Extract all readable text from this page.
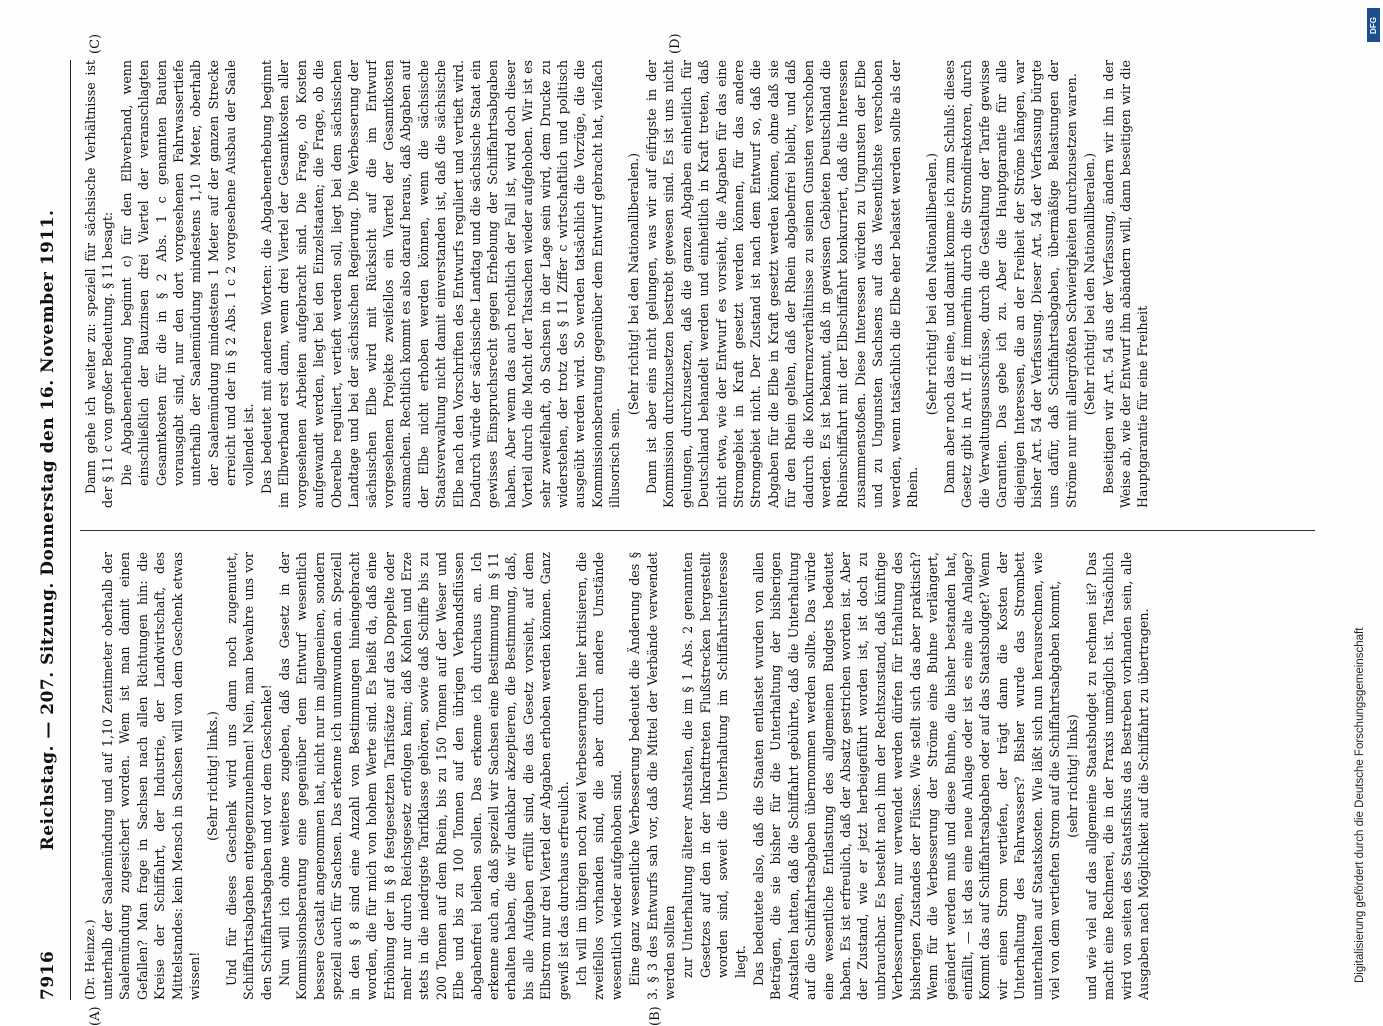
7916
Reichstag. — 207. Sitzung. Donnerstag den 16. November 1911.
(A)	(B)
(C)	(D)
(Dr. Heinze.) unterhalb der Saalemündung und auf 1,10 Zentimeter oberhalb der Saalemündung zugesichert worden. Wem ist man damit einen Gefallen? Man frage in Sachsen nach allen Richtungen hin: die Kreise der Schiffahrt, der Industrie, der Landwirtschaft, des Mittelstandes: kein Mensch in Sachsen will von dem Geschenk etwas wissen!

(Sehr richtig! links.) Und für dieses Geschenk wird uns dann noch zugemutet, Schiffahrtsabgaben entgegenzunehmen! Nein, man bewahre uns vor den Schiffahrtsabgaben und vor dem Geschenke! Nun will ich ohne weiteres zugeben, daß das Gesetz in der Kommissionsberatung eine gegenüber dem Entwurf wesentlich bessere Gestalt angenommen hat, nicht nur im allgemeinen, sondern speziell auch für Sachsen. Das erkenne ich unumwunden an. Speziell in den § 8 sind eine Anzahl von Bestimmungen hineingebracht worden, die für mich von hohem Werte sind. Es heißt da, daß eine Erhöhung der in § 8 festgesetzten Tarifsätze auf das Doppelte oder mehr nur durch Reichsgesetz erfolgen kann; daß Kohlen und Erze stets in die niedrigste Tarifklasse gehören, sowie daß Schiffe bis zu 200 Tonnen auf dem Rhein, bis zu 150 Tonnen auf der Weser und Elbe und bis zu 100 Tonnen auf den übrigen Verbandsflüssen abgabenfrei bleiben sollen. Das erkenne ich durchaus an. Ich erkenne auch an, daß speziell wir Sachsen eine Bestimmung im § 11 erhalten haben, die wir dankbar akzeptieren, die Bestimmung, daß, bis alle Aufgaben erfüllt sind, die das Gesetz vorsieht, auf dem Elbstrom nur drei Viertel der Abgaben erhoben werden können. Ganz gewiß ist das durchaus erfreulich. Ich will im übrigen noch zwei Verbesserungen hier kritisieren, die zweifellos vorhanden sind, die aber durch andere Umstände wesentlich wieder aufgehoben sind. Eine ganz wesentliche Verbesserung bedeutet die Änderung des § 3. § 3 des Entwurfs sah vor, daß die Mittel der Verbände verwendet werden sollten zur Unterhaltung älterer Anstalten, die im § 1 Abs. 2 genannten Gesetzes auf den in der Inkrafttreten Flußstrecken hergestellt worden sind, soweit die Unterhaltung im Schiffahrtsinteresse liegt. Das bedeutete also, daß die Staaten entlastet wurden von allen Beträgen, die sie bisher für die Unterhaltung der bisherigen Anstalten hatten, daß die Schiffahrt gebührte, daß die Unterhaltung auf die Schiffahrtsabgaben übernommen werden sollte. Das würde eine wesentliche Entlastung des allgemeinen Budgets bedeutet haben. Es ist erfreulich, daß der Absatz gestrichen worden ist. Aber der Zustand, wie er jetzt herbeigeführt worden ist, ist doch zu unbrauchbar. Es besteht nach ihm der Rechtszustand, daß künftige Verbesserungen, nur verwendet werden dürfen für Erhaltung des bisherigen Zustandes der Flüsse. Wie stellt sich das aber praktisch? Wenn für die Verbesserung der Ströme eine Buhne verlängert, geändert werden muß und diese Buhne, die bisher bestanden hat, einfällt, — ist das eine neue Anlage oder ist es eine alte Anlage? Kommt das auf Schiffahrtsabgaben oder auf das Staatsbudget? Wenn wir einen Strom vertiefen, der trägt dann die Kosten der Unterhaltung des Fahrwassers? Bisher wurde das Strombett unterhalten auf Staatskosten. Wie läßt sich nun herausrechnen, wie viel von dem vertieften Strom auf die Schiffahrtsabgaben kommt, (sehr richtig! links) und wie viel auf das allgemeine Staatsbudget zu rechnen ist? Das macht eine Rechnerei, die in der Praxis unmöglich ist. Tatsächlich wird von seiten des Staatsfiskus das Bestreben vorhanden sein, alle Ausgaben nach Möglichkeit auf die Schiffahrt zu übertragen.

Dann gehe ich weiter zu: speziell für sächsische Verhältnisse ist der § 11 c von großer Bedeutung. § 11 besagt: Die Abgabenerhebung beginnt c) für den Elbverband, wenn einschließlich der Bauzinsen drei Viertel der veranschlagten Gesamtkosten für die in § 2 Abs. 1 c genannten Bauten vorausgabt sind, nur den dort vorgesehenen Fahrwassertiefe unterhalb der Saalemündung mindestens 1,10 Meter, oberhalb der Saalemündung mindestens 1 Meter auf der ganzen Strecke erreicht und der in § 2 Abs. 1 c 2 vorgesehene Ausbau der Saale vollendet ist. Das bedeutet mit anderen Worten: die Abgabenerhebung beginnt im Elbverband erst dann, wenn drei Viertel der Gesamtkosten aller vorgesehenen Arbeiten aufgebracht sind. Die Frage, ob Kosten aufgewandt werden, liegt bei den Einzelstaaten; die Frage, ob die Oberelbe reguliert, vertieft werden soll, liegt bei dem sächsischen Landtage und bei der sächsischen Regierung. Die Verbesserung der sächsischen Elbe wird mit Rücksicht auf die im Entwurf vorgesehenen Projekte zweifellos ein Viertel der Gesamtkosten ausmachen. Rechtlich kommt es also darauf heraus, daß Abgaben auf der Elbe nicht erhoben werden können, wenn die sächsische Staatsverwaltung nicht damit einverstanden ist, daß die sächsische Elbe nach den Vorschriften des Entwurfs reguliert und vertieft wird. Dadurch würde der sächsische Landtag und die sächsische Staat ein gewisses Einspruchsrecht gegen Erhebung der Schiffahrtsabgaben haben. Aber wenn das auch rechtlich der Fall ist, wird doch dieser Vorteil durch die Macht der Tatsachen wieder aufgehoben. Wir ist es sehr zweifelhaft, ob Sachsen in der Lage sein wird, dem Drucke zu widerstehen, der trotz des § 11 Ziffer c wirtschaftlich und politisch ausgeübt werden wird. So werden tatsächlich die Vorzüge, die die Kommissionsberatung gegenüber dem Entwurf gebracht hat, vielfach illusorisch sein.

(Sehr richtig! bei den Nationalliberalen.) Dann ist aber eins nicht gelungen, was wir auf eifrigste in der Kommission durchzusetzen bestrebt gewesen sind. Es ist uns nicht gelungen, durchzusetzen, daß die ganzen Abgaben einheitlich für Deutschland behandelt werden und einheitlich in Kraft treten, daß nicht etwa, wie der Entwurf es vorsieht, die Abgaben für das eine Stromgebiet in Kraft gesetzt werden können, für das andere Stromgebiet nicht. Der Zustand ist nach dem Entwurf so, daß die Abgaben für die Elbe in Kraft gesetzt werden können, ohne daß sie für den Rhein gelten, daß der Rhein abgabenfrei bleibt, und daß dadurch die Konkurrenzverhältnisse zu seinen Gunsten verschoben werden. Es ist bekannt, daß in gewissen Gebieten Deutschland die Rheinschiffahrt mit der Elbschiffahrt konkurriert, daß die Interessen zusammenstoßen. Diese Interessen würden zu Ungunsten der Elbe und zu Ungunsten Sachsens auf das Wesentlichste verschoben werden, wenn tatsächlich die Elbe eher belastet werden sollte als der Rhein.

(Sehr richtig! bei den Nationalliberalen.) Dann aber noch das eine, und damit komme ich zum Schluß: dieses Gesetz gibt in Art. II ff. immerhin durch die Stromdirektoren, durch die Verwaltungsausschüsse, durch die Gestaltung der Tarife gewisse Garantien. Das gebe ich zu. Aber die Hauptgarantie für alle diejenigen Interessen, die an der Freiheit der Ströme hängen, war bisher Art. 54 der Verfassung. Dieser Art. 54 der Verfassung bürgte uns dafür, daß Schiffahrtsabgaben, übermäßige Belastungen der Ströme nur mit allergrößten Schwierigkeiten durchzusetzen waren. (Sehr richtig! bei den Nationalliberalen.) Beseitigen wir Art. 54 aus der Verfassung, ändern wir ihn in der Weise ab, wie der Entwurf ihn abändern will, dann beseitigen wir die Hauptgarantie für eine Freiheit

Digitalisierung gefördert durch die Deutsche Forschungsgemeinschaft
DFG
